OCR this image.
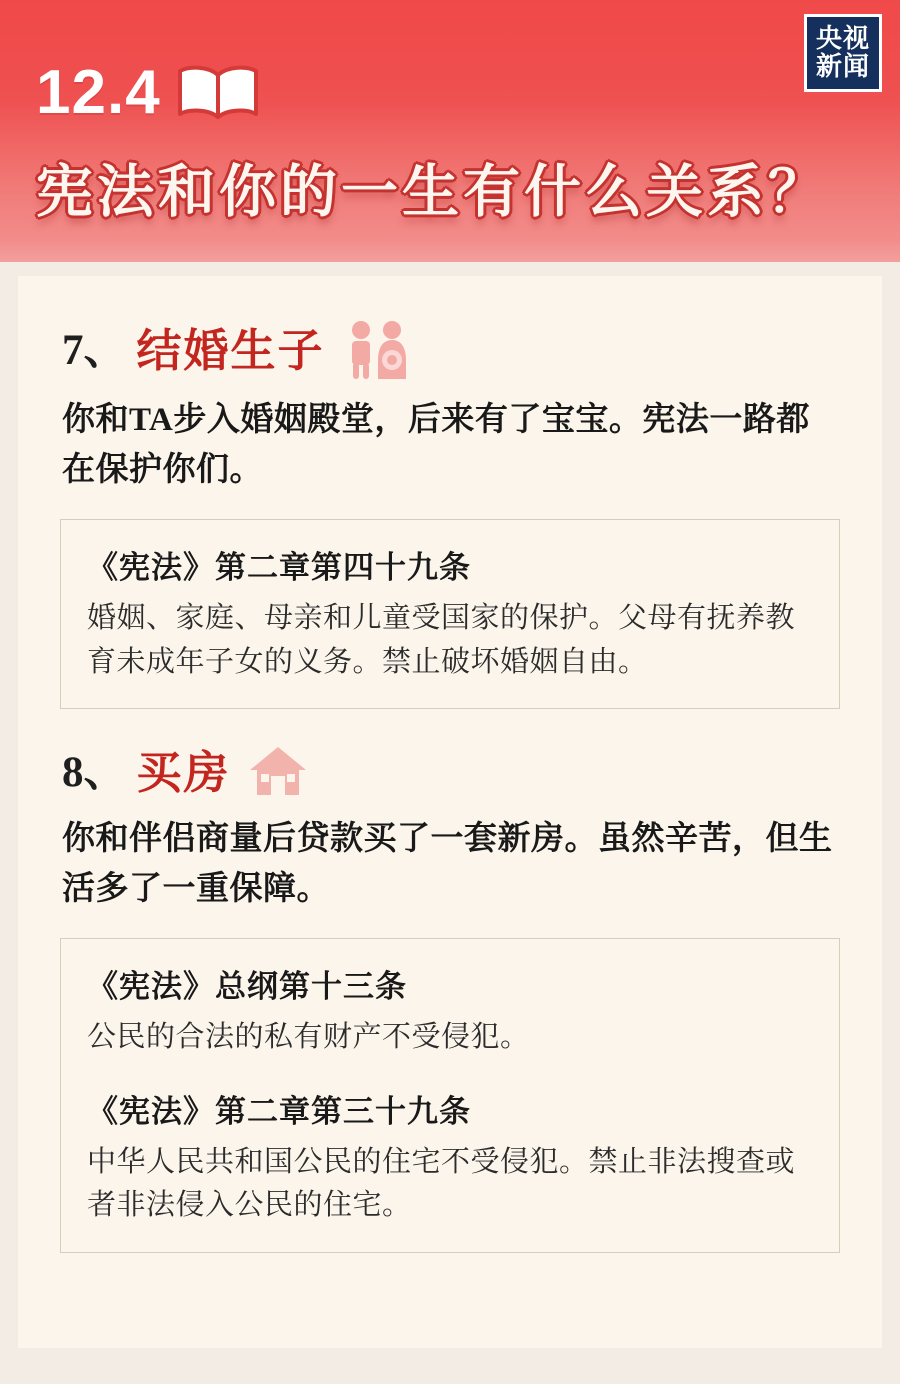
12.4
宪法和你的一生有什么关系？
央视
新闻
7、 结婚生子
你和TA步入婚姻殿堂，后来有了宝宝。宪法一路都在保护你们。
《宪法》第二章第四十九条
婚姻、家庭、母亲和儿童受国家的保护。父母有抚养教育未成年子女的义务。禁止破坏婚姻自由。
8、 买房
你和伴侣商量后贷款买了一套新房。虽然辛苦，但生活多了一重保障。
《宪法》总纲第十三条
公民的合法的私有财产不受侵犯。
《宪法》第二章第三十九条
中华人民共和国公民的住宅不受侵犯。禁止非法搜查或者非法侵入公民的住宅。
